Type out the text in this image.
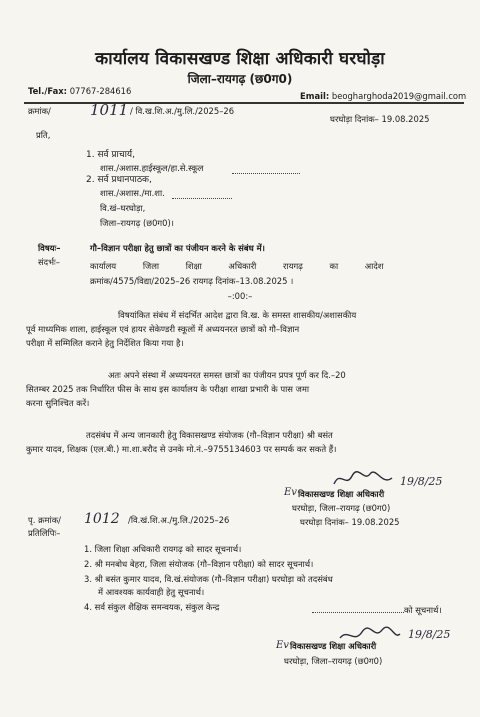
कार्यालय विकासखण्ड शिक्षा अधिकारी घरघोड़ा
जिला–रायगढ़ (छ0ग0)
Tel./Fax: 07767-284616	Email: beogharghoda2019@gmail.com
क्रमांक/	1011 / वि.ख.शि.अ./मु.लि./2025–26
घरघोड़ा दिनांक– 19.08.2025
प्रति,
1. सर्व प्राचार्य,
शास./अशास.हाईस्कूल/हा.से.स्कूल
2. सर्व प्रधानपाठक,
शास./अशास./मा.शा.
वि.खं–घरघोड़ा,
जिला–रायगढ़ (छ0ग0)।
विषयः–	गौ–विज्ञान परीक्षा हेतु छात्रों का पंजीयन करने के संबंध में।
संदर्भः–	कार्यालय जिला शिक्षा अधिकारी रायगढ़ का आदेश
क्रमांक/4575/विद्या/2025–26 रायगढ़ दिनांक–13.08.2025 ।
–:00:–
विषयांकित संबंध में संदर्भित आदेश द्वारा वि.ख. के समस्त शासकीय/अशासकीय
पूर्व माध्यमिक शाला, हाईस्कूल एवं हायर सेकेण्डरी स्कूलों में अध्ययनरत छात्रों को गौ–विज्ञान
परीक्षा में सम्मिलित कराने हेतु निर्देशित किया गया है।
अतः अपने संस्था में अध्ययनरत समस्त छात्रों का पंजीयन प्रपत्र पूर्ण कर दि.–20
सितम्बर 2025 तक निर्धारित फीस के साथ इस कार्यालय के परीक्षा शाखा प्रभारी के पास जमा
करना सुनिश्चित करें।
तदसंबंध में अन्य जानकारी हेतु विकासखण्ड संयोजक (गौ–विज्ञान परीक्षा) श्री बसंत
कुमार यादव, शिक्षक (एल.बी.) मा.शा.बरौद से उनके मो.नं.–9755134603 पर सम्पर्क कर सकते हैं।
19/8/25
Ev विकासखण्ड शिक्षा अधिकारी
घरघोड़ा, जिला–रायगढ़ (छ0ग0)
पृ. क्रमांक/ 1012 /वि.खं.शि.अ./मु.लि./2025–26	घरघोड़ा दिनांक– 19.08.2025
प्रतिलिपिः–
1. जिला शिक्षा अधिकारी रायगढ़ को सादर सूचनार्थ।
2. श्री मनबोध बेहरा, जिला संयोजक (गौ–विज्ञान परीक्षा) को सादर सूचनार्थ।
3. श्री बसंत कुमार यादव, वि.खं.संयोजक (गौ–विज्ञान परीक्षा) घरघोड़ा को तदसंबंध
में आवश्यक कार्यवाही हेतु सूचनार्थ।
4. सर्व संकुल शैक्षिक समन्वयक, संकुल केन्द्र	को सूचनार्थ।
19/8/25
Ev विकासखण्ड शिक्षा अधिकारी
घरघोड़ा, जिला–रायगढ़ (छ0ग0)
